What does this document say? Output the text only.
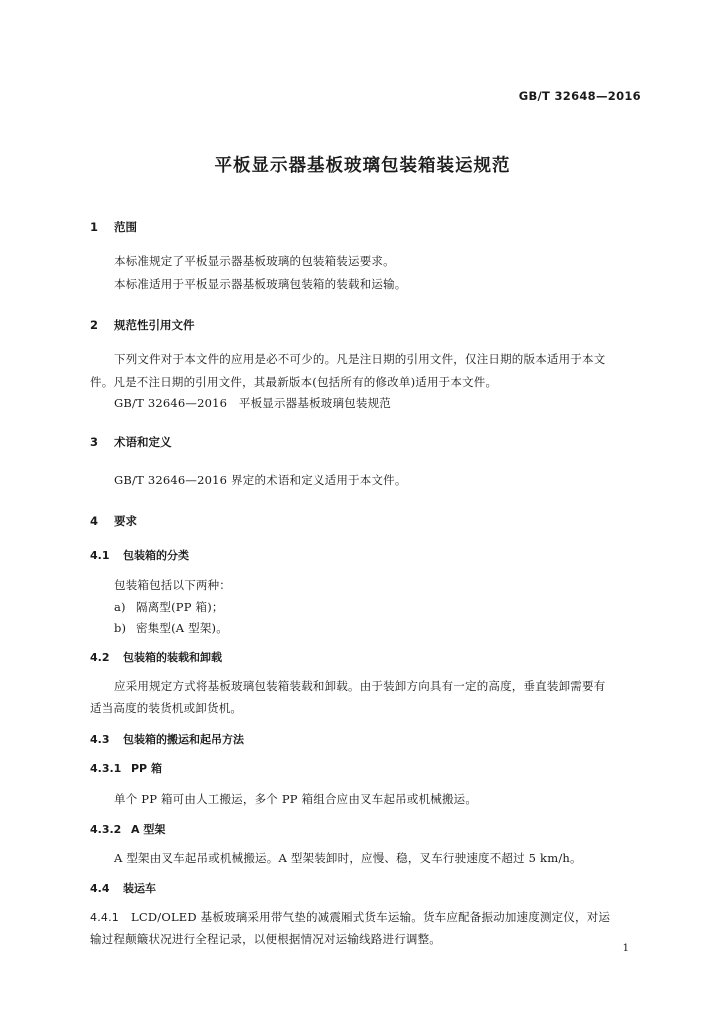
GB/T 32648—2016
平板显示器基板玻璃包装箱装运规范
1 范围
本标准规定了平板显示器基板玻璃的包装箱装运要求。
本标准适用于平板显示器基板玻璃包装箱的装载和运输。
2 规范性引用文件
下列文件对于本文件的应用是必不可少的。凡是注日期的引用文件，仅注日期的版本适用于本文
件。凡是不注日期的引用文件，其最新版本(包括所有的修改单)适用于本文件。
GB/T 32646—2016　平板显示器基板玻璃包装规范
3 术语和定义
GB/T 32646—2016 界定的术语和定义适用于本文件。
4 要求
4.1 包装箱的分类
包装箱包括以下两种：
a) 隔离型(PP 箱)；
b) 密集型(A 型架)。
4.2 包装箱的装载和卸载
应采用规定方式将基板玻璃包装箱装载和卸载。由于装卸方向具有一定的高度，垂直装卸需要有
适当高度的装货机或卸货机。
4.3 包装箱的搬运和起吊方法
4.3.1 PP 箱
单个 PP 箱可由人工搬运，多个 PP 箱组合应由叉车起吊或机械搬运。
4.3.2 A 型架
A 型架由叉车起吊或机械搬运。A 型架装卸时，应慢、稳，叉车行驶速度不超过 5 km/h。
4.4 装运车
4.4.1 LCD/OLED 基板玻璃采用带气垫的减震厢式货车运输。货车应配备振动加速度测定仪，对运
输过程颠簸状况进行全程记录，以便根据情况对运输线路进行调整。
1
